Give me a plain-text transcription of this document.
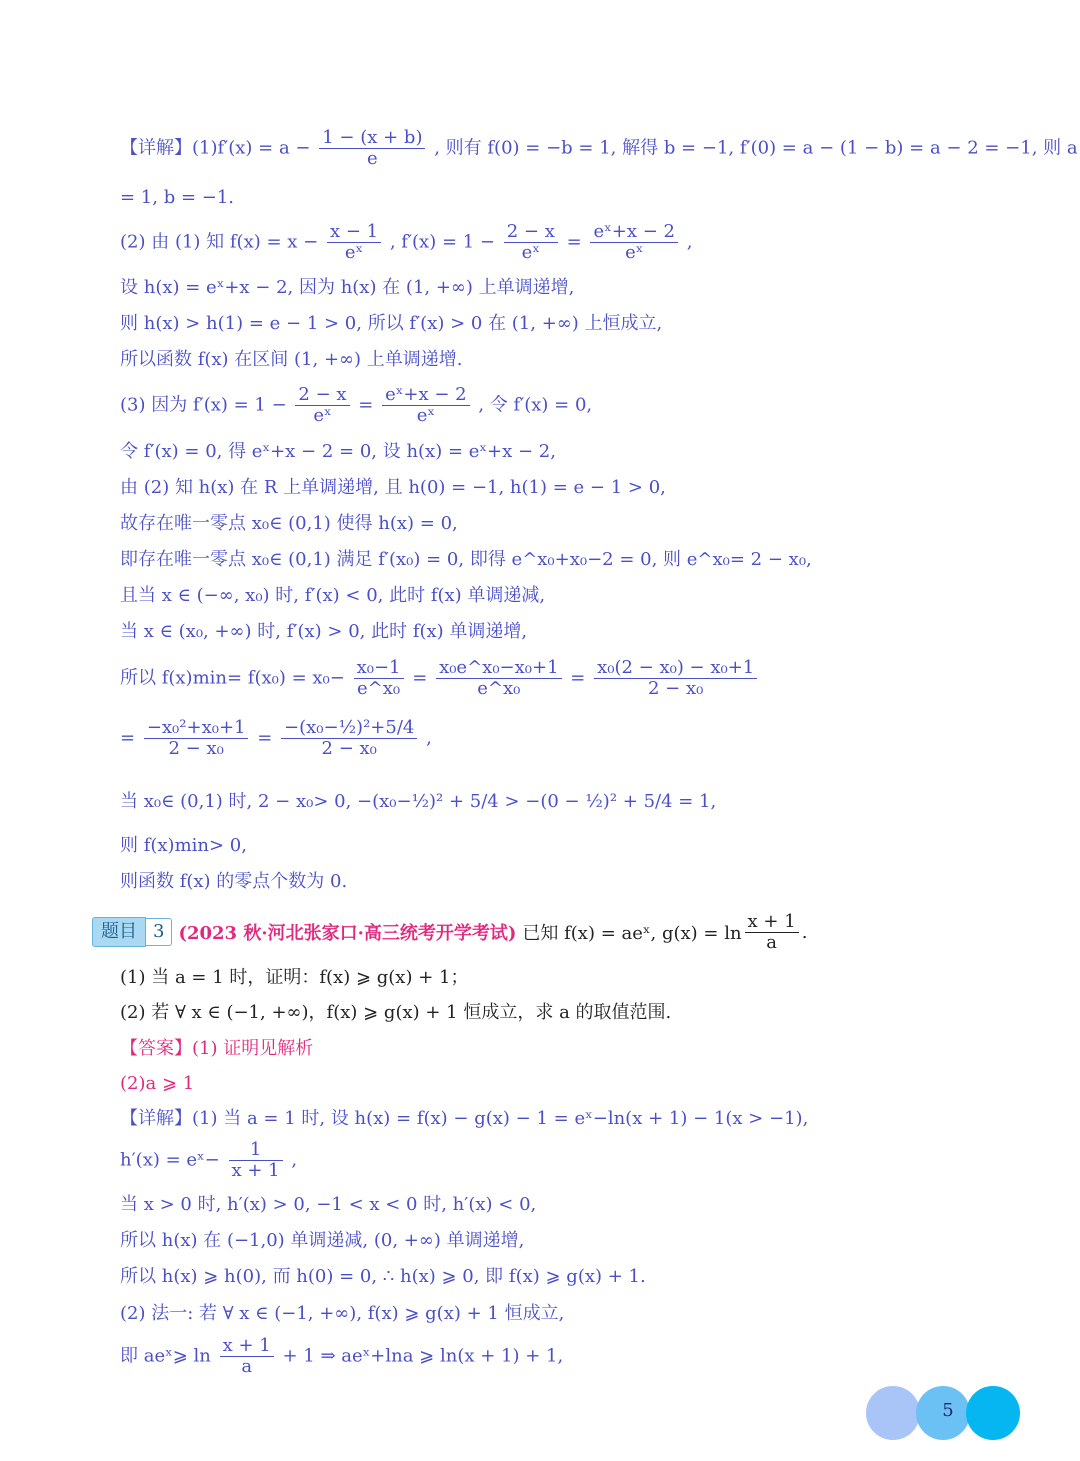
【详解】$(1)f'(x) = a - \frac{1 - (x + b)}{e}$ , 则有 f(0) = −b = 1, 解得 b = −1, f′(0) = a − (1 − b) = a − 2 = −1, 则 a
= 1, b = −1.
(2) 由 (1) 知 $f(x) = x - \frac{x - 1}{\text{eˣ}}$ , $f'(x) = 1 - \frac{2 - x}{\text{eˣ}} = \frac{\text{eˣ+x − 2}}{\text{eˣ}}$ ,
设 h(x) = eˣ+x − 2, 因为 h(x) 在 (1, +∞) 上单调递增,
则 h(x) > h(1) = e − 1 > 0, 所以 f′(x) > 0 在 (1, +∞) 上恒成立,
所以函数 f(x) 在区间 (1, +∞) 上单调递增.
(3) 因为 $f'(x) = 1 - \frac{2 - x}{\text{eˣ}} = \frac{\text{eˣ+x − 2}}{\text{eˣ}}$ , 令 f′(x) = 0,
令 f′(x) = 0, 得 eˣ+x − 2 = 0, 设 h(x) = eˣ+x − 2,
由 (2) 知 h(x) 在 R 上单调递增, 且 h(0) = −1, h(1) = e − 1 > 0,
故存在唯一零点 x₀∈ (0,1) 使得 h(x) = 0,
即存在唯一零点 x₀∈ (0,1) 满足 f′(x₀) = 0, 即得 e^x₀+x₀−2 = 0, 则 e^x₀= 2 − x₀,
且当 x ∈ (−∞, x₀) 时, f′(x) < 0, 此时 f(x) 单调递减,
当 x ∈ (x₀, +∞) 时, f′(x) > 0, 此时 f(x) 单调递增,
所以 $f(x)\min= f(x_0) = x_0- \frac{\text{x₀−1}}{\text{e\textasciicircum{}x₀}} = \frac{\text{x₀e\textasciicircum{}x₀−x₀+1}}{\text{e\textasciicircum{}x₀}} = \frac{\text{x₀(2 − x₀) − x₀+1}}{\text{2 − x₀}}$
= $\frac{\text{−x₀²+x₀+1}}{\text{2 − x₀}} = \frac{\text{−(x₀−½)²+5/4}}{\text{2 − x₀}}$ ,
当 x₀∈ (0,1) 时, 2 − x₀> 0, −(x₀−½)² + 5/4 > −(0 − ½)² + 5/4 = 1,
则 f(x)min> 0,
则函数 f(x) 的零点个数为 0.
题目 3 (2023 秋·河北张家口·高三统考开学考试) 已知 f(x) = aeˣ, $g(x) = \ln \frac{x + 1}{a}$ .
(1) 当 a = 1 时，证明：f(x) ⩾ g(x) + 1；
(2) 若 ∀ x ∈ (−1, +∞)，f(x) ⩾ g(x) + 1 恒成立，求 a 的取值范围.
【答案】(1) 证明见解析
(2)a ⩾ 1
【详解】(1) 当 a = 1 时, 设 h(x) = f(x) − g(x) − 1 = eˣ−ln(x + 1) − 1(x > −1),
h′(x) = eˣ− $\frac{1}{x + 1}$ ,
当 x > 0 时, h′(x) > 0, −1 < x < 0 时, h′(x) < 0,
所以 h(x) 在 (−1,0) 单调递减, (0, +∞) 单调递增,
所以 h(x) ⩾ h(0), 而 h(0) = 0, ∴ h(x) ⩾ 0, 即 f(x) ⩾ g(x) + 1.
(2) 法一: 若 ∀ x ∈ (−1, +∞), f(x) ⩾ g(x) + 1 恒成立,
即 aeˣ⩾ $\ln \frac{x + 1}{a} + 1$ ⇒ aeˣ+lna ⩾ ln(x + 1) + 1,
5
